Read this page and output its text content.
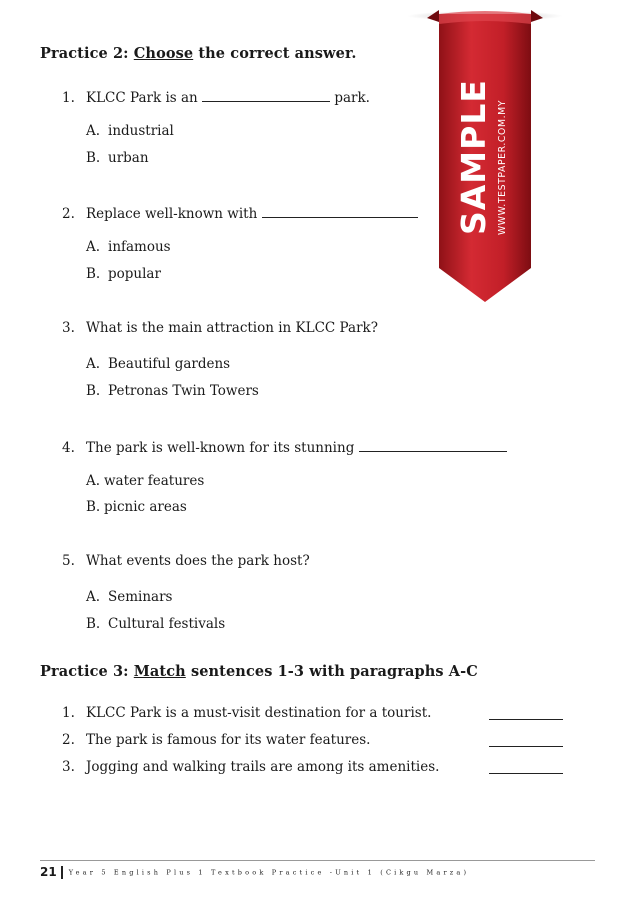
Practice 2: Choose the correct answer.
1. KLCC Park is an	park.
A. industrial
B. urban
2. Replace well-known with
A. infamous
B. popular
3. What is the main attraction in KLCC Park?
A. Beautiful gardens
B. Petronas Twin Towers
4. The park is well-known for its stunning
A. water features
B. picnic areas
5. What events does the park host?
A. Seminars
B. Cultural festivals
Practice 3: Match sentences 1-3 with paragraphs A-C
1. KLCC Park is a must-visit destination for a tourist.
2. The park is famous for its water features.
3. Jogging and walking trails are among its amenities.
SAMPLE WWW.TESTPAPER.COM.MY
21 Year 5 English Plus 1 Textbook Practice -Unit 1 (Cikgu Marza)
